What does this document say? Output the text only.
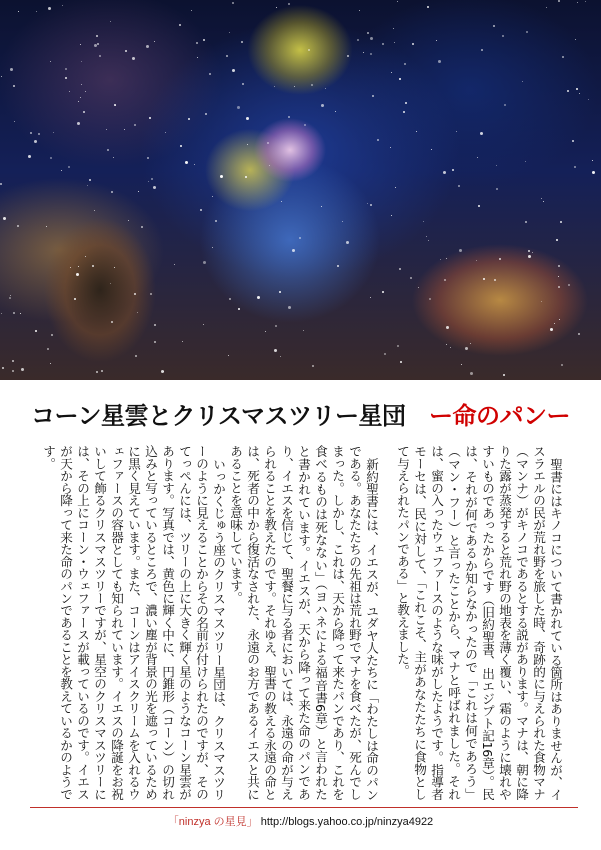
コーン星雲とクリスマスツリー星団　ー命のパンー

聖書にはキノコについて書かれている箇所はありませんが、イスラエルの民が荒れ野を旅した時、奇跡的に与えられた食物マナ（マンナ）がキノコであるとする説があります。マナは、朝に降りた露が蒸発すると荒れ野の地表を薄く覆い、霜のように壊れやすいものであったからです（旧約聖書、出エジプト記16章）。民は、それが何であるか知らなかったので「これは何であろう」（マン・フー）と言ったことから、マナと呼ばれました。それは、蜜の入ったウェファースのような味がしたようです。指導者モーセは、民に対して、「これこそ、主があなたたちに食物として与えられたパンである」と教えました。

新約聖書には、イエスが、ユダヤ人たちに「わたしは命のパンである。あなたたちの先祖は荒れ野でマナを食べたが、死んでしまった。しかし、これは、天から降って来たパンであり、これを食べるものは死なない」（ヨハネによる福音書6章）と言われたと書かれています。イエスが、天から降って来た命のパンであり、イエスを信じて、聖餐に与る者においては、永遠の命が与えられることを教えたのです。それゆえ、聖書の教える永遠の命とは、死者の中から復活なされた、永遠のお方であるイエスと共にあることを意味しています。

いっかくじゅう座のクリスマスツリー星団は、クリスマスツリーのように見えることからその名前が付けられたのですが、そのてっぺんには、ツリーの上に大きく輝く星のようなコーン星雲があります。写真では、黄色に輝く中に、円錐形（コーン）の切れ込みと写っているところで、濃い塵が背景の光を遮っているために黒く見えています。また、コーンはアイスクリームを入れるウェファースの容器としても知られています。イエスの降誕をお祝いして飾るクリスマスツリーですが、星空のクリスマスツリーには、その上にコーン・ウェファースが載っているのです。イエスが天から降って来た命のパンであることを教えているかのようです。

「ninzya の星見」 http://blogs.yahoo.co.jp/ninzya4922
